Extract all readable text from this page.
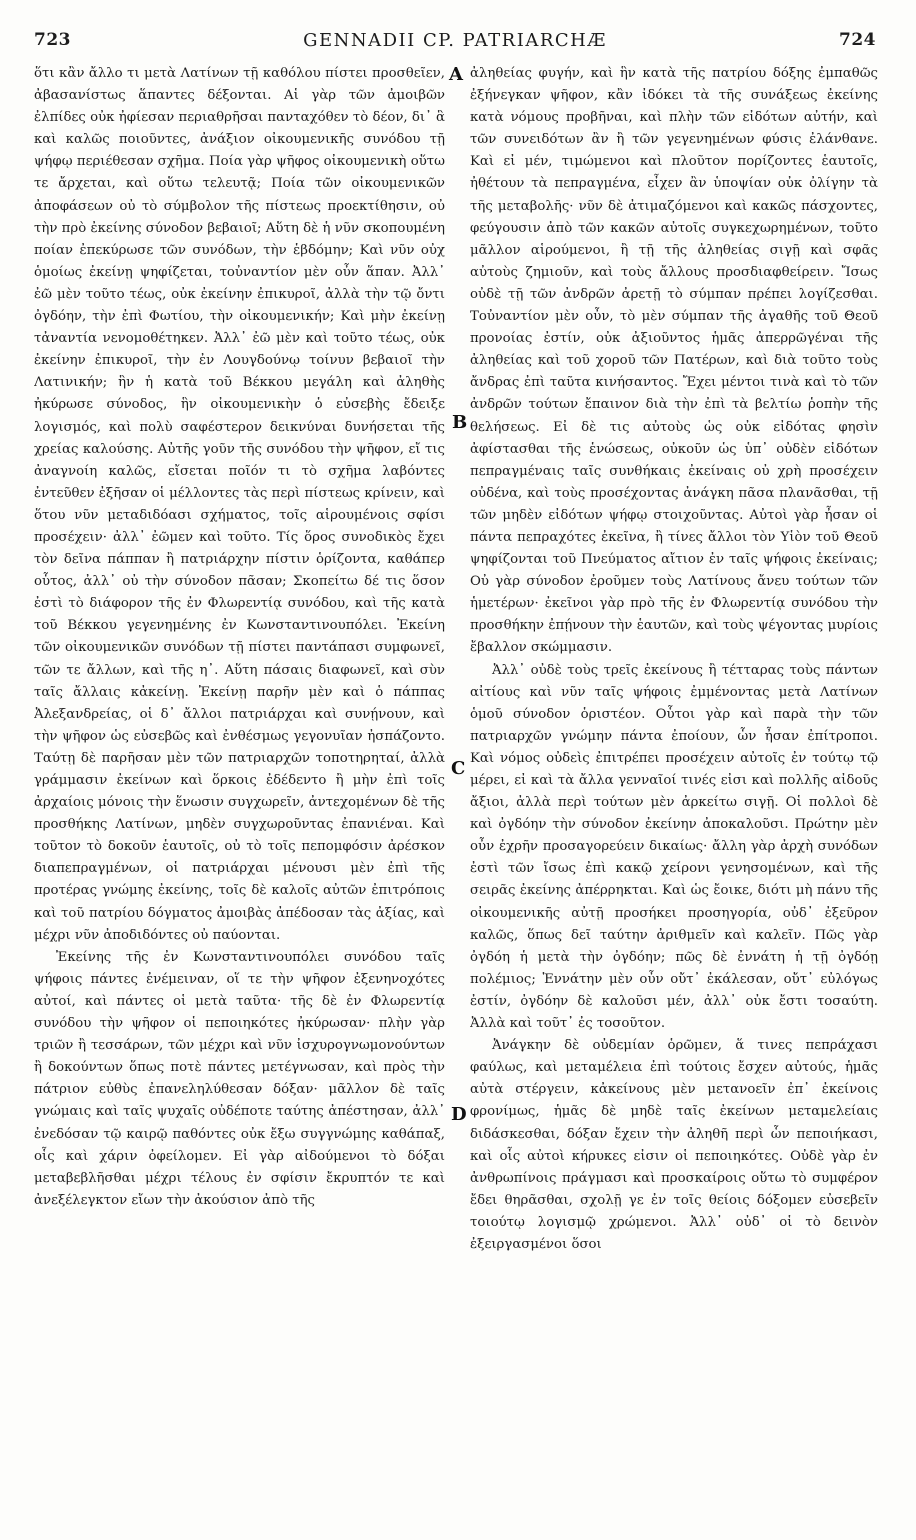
723	GENNADII CP. PATRIARCHÆ	724

ὅτι κἂν ἄλλο τι μετὰ Λατίνων τῇ καθόλου πίστει προσθεῖεν, ἀβασανίστως ἅπαντες δέξονται. Αἱ γὰρ τῶν ἀμοιβῶν ἐλπίδες οὐκ ἠφίεσαν περιαθρῆσαι πανταχόθεν τὸ δέον, δι᾽ ἃ καὶ καλῶς ποιοῦντες, ἀνάξιον οἰκουμενικῆς συνόδου τῇ ψήφῳ περιέθεσαν σχῆμα. Ποία γὰρ ψῆφος οἰκουμενικὴ οὕτω τε ἄρχεται, καὶ οὕτω τελευτᾷ; Ποία τῶν οἰκουμενικῶν ἀποφάσεων οὐ τὸ σύμβολον τῆς πίστεως προεκτίθησιν, οὐ τὴν πρὸ ἐκείνης σύνοδον βεβαιοῖ; Αὕτη δὲ ἡ νῦν σκοπουμένη ποίαν ἐπεκύρωσε τῶν συνόδων, τὴν ἑβδόμην; Καὶ νῦν οὐχ ὁμοίως ἐκείνῃ ψηφίζεται, τοὐναντίον μὲν οὖν ἅπαν. Ἀλλ᾽ ἐῶ μὲν τοῦτο τέως, οὐκ ἐκείνην ἐπικυροῖ, ἀλλὰ τὴν τῷ ὄντι ὀγδόην, τὴν ἐπὶ Φωτίου, τὴν οἰκουμενικήν; Καὶ μὴν ἐκείνῃ τἀναντία νενομοθέτηκεν. Ἀλλ᾽ ἐῶ μὲν καὶ τοῦτο τέως, οὐκ ἐκείνην ἐπικυροῖ, τὴν ἐν Λουγδούνῳ τοίνυν βεβαιοῖ τὴν Λατινικήν; ἣν ἡ κατὰ τοῦ Βέκκου μεγάλη καὶ ἀληθὴς ἠκύρωσε σύνοδος, ἣν οἰκουμενικὴν ὁ εὐσεβὴς ἔδειξε λογισμός, καὶ πολὺ σαφέστερον δεικνύναι δυνήσεται τῆς χρείας καλούσης. Αὐτῆς γοῦν τῆς συνόδου τὴν ψῆφον, εἴ τις ἀναγνοίη καλῶς, εἴσεται ποῖόν τι τὸ σχῆμα λαβόντες ἐντεῦθεν ἐξῆσαν οἱ μέλλοντες τὰς περὶ πίστεως κρίνειν, καὶ ὅτου νῦν μεταδιδόασι σχήματος, τοῖς αἱρουμένοις σφίσι προσέχειν· ἀλλ᾽ ἐῶμεν καὶ τοῦτο. Τίς ὅρος συνοδικὸς ἔχει τὸν δεῖνα πάππαν ἢ πατριάρχην πίστιν ὁρίζοντα, καθάπερ οὗτος, ἀλλ᾽ οὐ τὴν σύνοδον πᾶσαν; Σκοπείτω δέ τις ὅσον ἐστὶ τὸ διάφορον τῆς ἐν Φλωρεντίᾳ συνόδου, καὶ τῆς κατὰ τοῦ Βέκκου γεγενημένης ἐν Κωνσταντινουπόλει. Ἐκείνη τῶν οἰκουμενικῶν συνόδων τῇ πίστει παντάπασι συμφωνεῖ, τῶν τε ἄλλων, καὶ τῆς η᾽. Αὕτη πάσαις διαφωνεῖ, καὶ σὺν ταῖς ἄλλαις κἀκείνῃ. Ἐκείνῃ παρῆν μὲν καὶ ὁ πάππας Ἀλεξανδρείας, οἱ δ᾽ ἄλλοι πατριάρχαι καὶ συνῄνουν, καὶ τὴν ψῆφον ὡς εὐσεβῶς καὶ ἐνθέσμως γεγονυῖαν ἠσπάζοντο. Ταύτῃ δὲ παρῆσαν μὲν τῶν πατριαρχῶν τοποτηρηταί, ἀλλὰ γράμμασιν ἐκείνων καὶ ὅρκοις ἐδέδεντο ἢ μὴν ἐπὶ τοῖς ἀρχαίοις μόνοις τὴν ἕνωσιν συγχωρεῖν, ἀντεχομένων δὲ τῆς προσθήκης Λατίνων, μηδὲν συγχωροῦντας ἐπανιέναι. Καὶ τοῦτον τὸ δοκοῦν ἑαυτοῖς, οὐ τὸ τοῖς πεπομφόσιν ἀρέσκον διαπεπραγμένων, οἱ πατριάρχαι μένουσι μὲν ἐπὶ τῆς προτέρας γνώμης ἐκείνης, τοῖς δὲ καλοῖς αὐτῶν ἐπιτρόποις καὶ τοῦ πατρίου δόγματος ἀμοιβὰς ἀπέδοσαν τὰς ἀξίας, καὶ μέχρι νῦν ἀποδιδόντες οὐ παύονται.

Ἐκείνης τῆς ἐν Κωνσταντινουπόλει συνόδου ταῖς ψήφοις πάντες ἐνέμειναν, οἵ τε τὴν ψῆφον ἐξενηνοχότες αὐτοί, καὶ πάντες οἱ μετὰ ταῦτα· τῆς δὲ ἐν Φλωρεντίᾳ συνόδου τὴν ψῆφον οἱ πεποιηκότες ἠκύρωσαν· πλὴν γὰρ τριῶν ἢ τεσσάρων, τῶν μέχρι καὶ νῦν ἰσχυρογνωμονούντων ἢ δοκούντων ὅπως ποτὲ πάντες μετέγνωσαν, καὶ πρὸς τὴν πάτριον εὐθὺς ἐπανεληλύθεσαν δόξαν· μᾶλλον δὲ ταῖς γνώμαις καὶ ταῖς ψυχαῖς οὐδέποτε ταύτης ἀπέστησαν, ἀλλ᾽ ἐνεδόσαν τῷ καιρῷ παθόντες οὐκ ἔξω συγγνώμης καθάπαξ, οἷς καὶ χάριν ὀφείλομεν. Εἰ γὰρ αἰδούμενοι τὸ δόξαι μεταβεβλῆσθαι μέχρι τέλους ἐν σφίσιν ἔκρυπτόν τε καὶ ἀνεξέλεγκτον εἴων τὴν ἀκούσιον ἀπὸ τῆς

ἀληθείας φυγήν, καὶ ἣν κατὰ τῆς πατρίου δόξης ἐμπαθῶς ἐξήνεγκαν ψῆφον, κἂν ἰδόκει τὰ τῆς συνάξεως ἐκείνης κατὰ νόμους προβῆναι, καὶ πλὴν τῶν εἰδότων αὐτήν, καὶ τῶν συνειδότων ἂν ἢ τῶν γεγενημένων φύσις ἐλάνθανε. Καὶ εἰ μέν, τιμώμενοι καὶ πλοῦτον πορίζοντες ἑαυτοῖς, ἠθέτουν τὰ πεπραγμένα, εἶχεν ἂν ὑποψίαν οὐκ ὀλίγην τὰ τῆς μεταβολῆς· νῦν δὲ ἀτιμαζόμενοι καὶ κακῶς πάσχοντες, φεύγουσιν ἀπὸ τῶν κακῶν αὐτοῖς συγκεχωρημένων, τοῦτο μᾶλλον αἱρούμενοι, ἢ τῇ τῆς ἀληθείας σιγῇ καὶ σφᾶς αὐτοὺς ζημιοῦν, καὶ τοὺς ἄλλους προσδιαφθείρειν. Ἴσως οὐδὲ τῇ τῶν ἀνδρῶν ἀρετῇ τὸ σύμπαν πρέπει λογίζεσθαι. Τοὐναντίον μὲν οὖν, τὸ μὲν σύμπαν τῆς ἀγαθῆς τοῦ Θεοῦ προνοίας ἐστίν, οὐκ ἀξιοῦντος ἡμᾶς ἀπερρῶγέναι τῆς ἀληθείας καὶ τοῦ χοροῦ τῶν Πατέρων, καὶ διὰ τοῦτο τοὺς ἄνδρας ἐπὶ ταῦτα κινήσαντος. Ἔχει μέντοι τινὰ καὶ τὸ τῶν ἀνδρῶν τούτων ἔπαινον διὰ τὴν ἐπὶ τὰ βελτίω ῥοπὴν τῆς θελήσεως. Εἰ δὲ τις αὐτοὺς ὡς οὐκ εἰδότας φησὶν ἀφίστασθαι τῆς ἑνώσεως, οὐκοῦν ὡς ὑπ᾽ οὐδὲν εἰδότων πεπραγμέναις ταῖς συνθήκαις ἐκείναις οὐ χρὴ προσέχειν οὐδένα, καὶ τοὺς προσέχοντας ἀνάγκη πᾶσα πλανᾶσθαι, τῇ τῶν μηδὲν εἰδότων ψήφῳ στοιχοῦντας. Αὐτοὶ γὰρ ἦσαν οἱ πάντα πεπραχότες ἐκεῖνα, ἢ τίνες ἄλλοι τὸν Υἱὸν τοῦ Θεοῦ ψηφίζονται τοῦ Πνεύματος αἴτιον ἐν ταῖς ψήφοις ἐκείναις; Οὐ γὰρ σύνοδον ἐροῦμεν τοὺς Λατίνους ἄνευ τούτων τῶν ἡμετέρων· ἐκεῖνοι γὰρ πρὸ τῆς ἐν Φλωρεντίᾳ συνόδου τὴν προσθήκην ἐπῄνουν τὴν ἑαυτῶν, καὶ τοὺς ψέγοντας μυρίοις ἔβαλλον σκώμμασιν.

Ἀλλ᾽ οὐδὲ τοὺς τρεῖς ἐκείνους ἢ τέτταρας τοὺς πάντων αἰτίους καὶ νῦν ταῖς ψήφοις ἐμμένοντας μετὰ Λατίνων ὁμοῦ σύνοδον ὁριστέον. Οὗτοι γὰρ καὶ παρὰ τὴν τῶν πατριαρχῶν γνώμην πάντα ἐποίουν, ὧν ἦσαν ἐπίτροποι. Καὶ νόμος οὐδεὶς ἐπιτρέπει προσέχειν αὐτοῖς ἐν τούτῳ τῷ μέρει, εἰ καὶ τὰ ἄλλα γενναῖοί τινές εἰσι καὶ πολλῆς αἰδοῦς ἄξιοι, ἀλλὰ περὶ τούτων μὲν ἀρκείτω σιγῇ. Οἱ πολλοὶ δὲ καὶ ὀγδόην τὴν σύνοδον ἐκείνην ἀποκαλοῦσι. Πρώτην μὲν οὖν ἐχρῆν προσαγορεύειν δικαίως· ἄλλη γὰρ ἀρχὴ συνόδων ἐστὶ τῶν ἴσως ἐπὶ κακῷ χείρονι γενησομένων, καὶ τῆς σειρᾶς ἐκείνης ἀπέρρηκται. Καὶ ὡς ἔοικε, διότι μὴ πάνυ τῆς οἰκουμενικῆς αὐτῇ προσήκει προσηγορία, οὐδ᾽ ἐξεῦρον καλῶς, ὅπως δεῖ ταύτην ἀριθμεῖν καὶ καλεῖν. Πῶς γὰρ ὀγδόη ἡ μετὰ τὴν ὀγδόην; πῶς δὲ ἐννάτη ἡ τῇ ὀγδόῃ πολέμιος; Ἐννάτην μὲν οὖν οὔτ᾽ ἐκάλεσαν, οὔτ᾽ εὐλόγως ἐστίν, ὀγδόην δὲ καλοῦσι μέν, ἀλλ᾽ οὐκ ἔστι τοσαύτη. Ἀλλὰ καὶ τοῦτ᾽ ἐς τοσοῦτον.

Ἀνάγκην δὲ οὐδεμίαν ὁρῶμεν, ἅ τινες πεπράχασι φαύλως, καὶ μεταμέλεια ἐπὶ τούτοις ἔσχεν αὐτούς, ἡμᾶς αὐτὰ στέργειν, κἀκείνους μὲν μετανοεῖν ἐπ᾽ ἐκείνοις φρονίμως, ἡμᾶς δὲ μηδὲ ταῖς ἐκείνων μεταμελείαις διδάσκεσθαι, δόξαν ἔχειν τὴν ἀληθῆ περὶ ὧν πεποιήκασι, καὶ οἷς αὐτοὶ κήρυκες εἰσιν οἱ πεποιηκότες. Οὐδὲ γὰρ ἐν ἀνθρωπίνοις πράγμασι καὶ προσκαίροις οὕτω τὸ συμφέρον ἔδει θηρᾶσθαι, σχολῇ γε ἐν τοῖς θείοις δόξομεν εὐσεβεῖν τοιούτῳ λογισμῷ χρώμενοι. Ἀλλ᾽ οὐδ᾽ οἱ τὸ δεινὸν ἐξειργασμένοι ὅσοι

A
B
C
D
